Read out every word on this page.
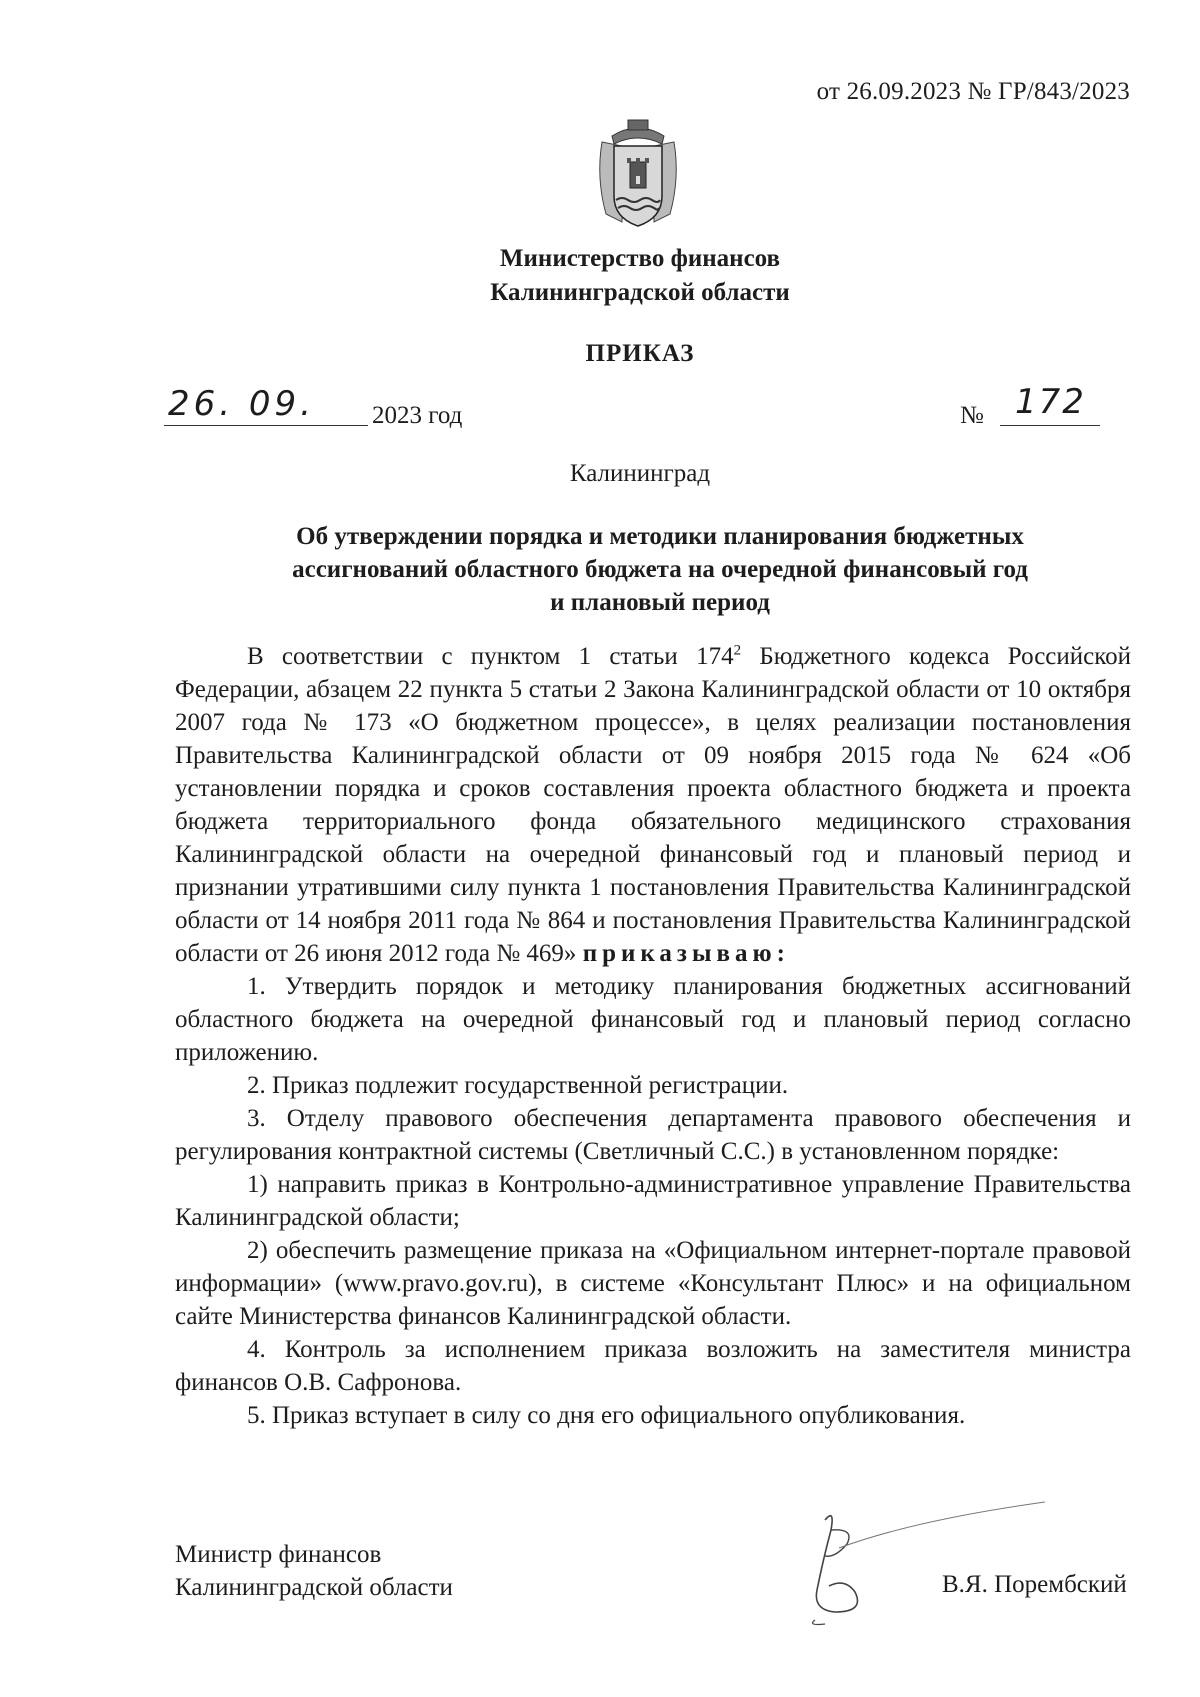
от 26.09.2023 № ГР/843/2023
Министерство финансов
Калининградской области
ПРИКАЗ
26. 09. 2023 год	№ 172
Калининград
Об утверждении порядка и методики планирования бюджетных
ассигнований областного бюджета на очередной финансовый год
и плановый период

В соответствии с пунктом 1 статьи $174^2$ Бюджетного кодекса Российской Федерации, абзацем 22 пункта 5 статьи 2 Закона Калининградской области от 10 октября 2007 года № 173 «О бюджетном процессе», в целях реализации постановления Правительства Калининградской области от 09 ноября 2015 года № 624 «Об установлении порядка и сроков составления проекта областного бюджета и проекта бюджета территориального фонда обязательного медицинского страхования Калининградской области на очередной финансовый год и плановый период и признании утратившими силу пункта 1 постановления Правительства Калининградской области от 14 ноября 2011 года № 864 и постановления Правительства Калининградской области от 26 июня 2012 года № 469» приказываю:

1. Утвердить порядок и методику планирования бюджетных ассигнований областного бюджета на очередной финансовый год и плановый период согласно приложению.

2. Приказ подлежит государственной регистрации.

3. Отделу правового обеспечения департамента правового обеспечения и регулирования контрактной системы (Светличный С.С.) в установленном порядке:

1) направить приказ в Контрольно-административное управление Правительства Калининградской области;

2) обеспечить размещение приказа на «Официальном интернет-портале правовой информации» (www.pravo.gov.ru), в системе «Консультант Плюс» и на официальном сайте Министерства финансов Калининградской области.

4. Контроль за исполнением приказа возложить на заместителя министра финансов О.В. Сафронова.

5. Приказ вступает в силу со дня его официального опубликования.

Министр финансов
Калининградской области	В.Я. Порембский
